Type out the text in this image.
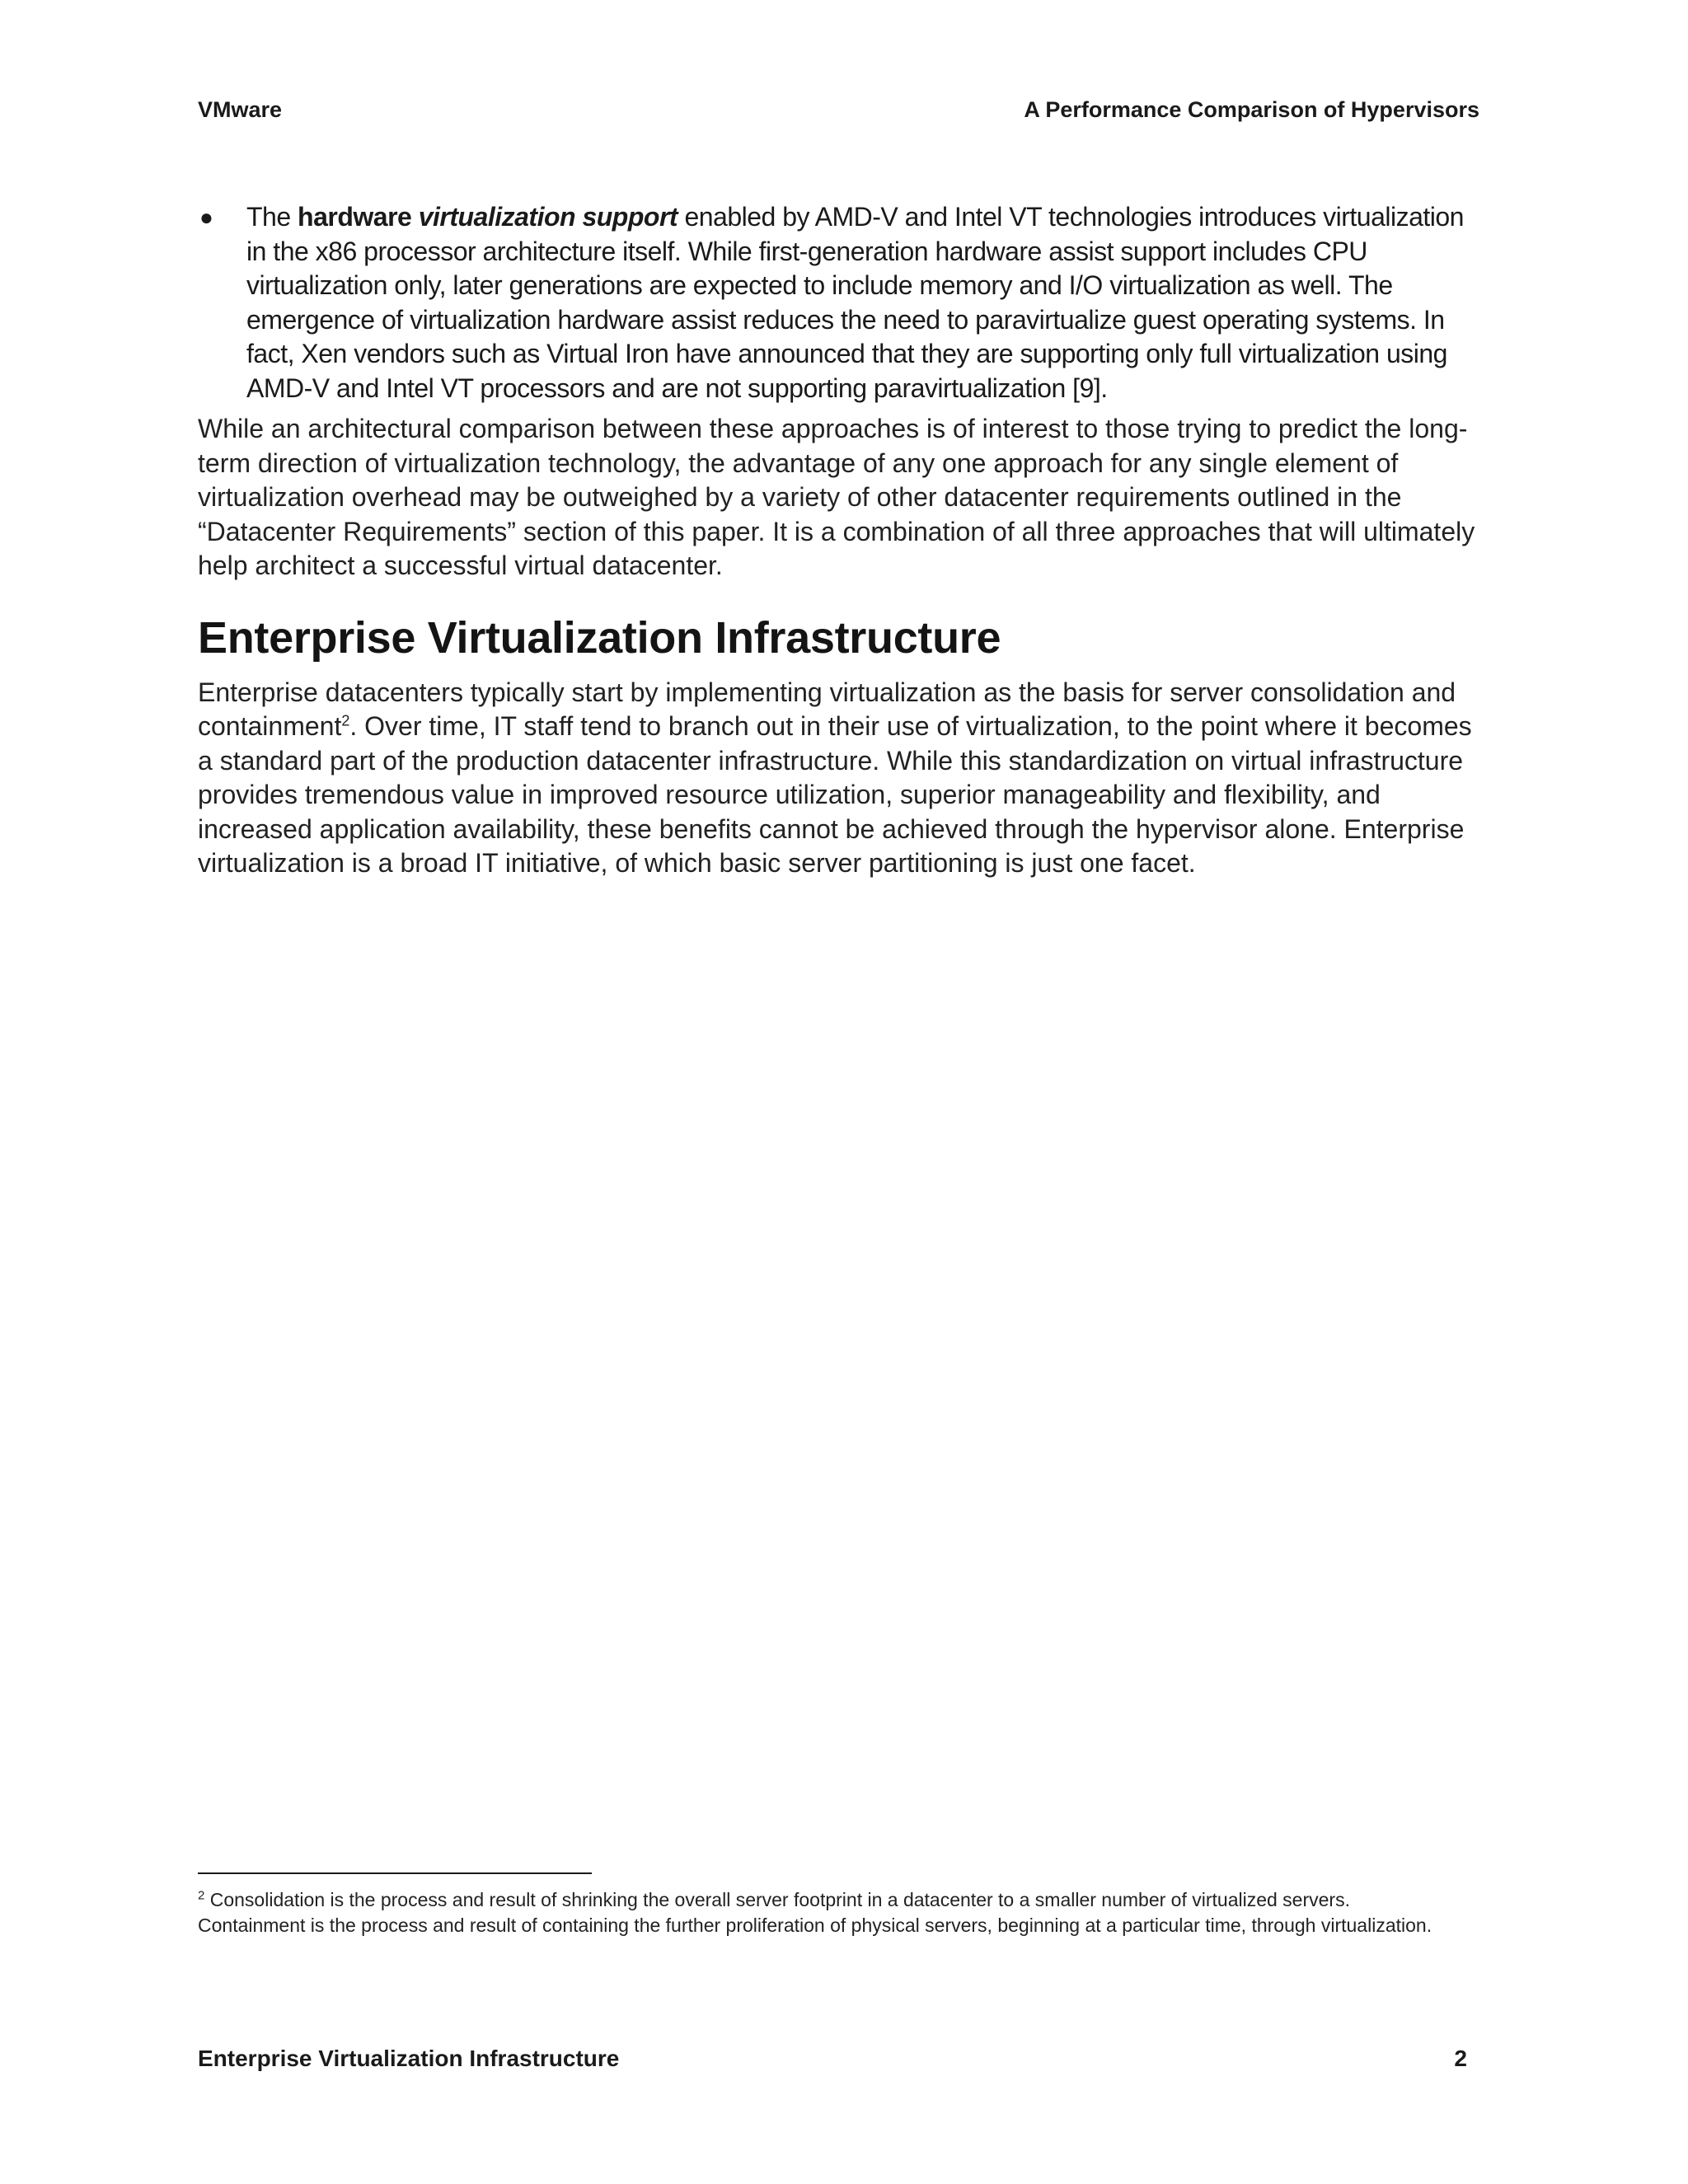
VMware	A Performance Comparison of Hypervisors
● The hardware virtualization support enabled by AMD-V and Intel VT technologies introduces virtualization in the x86 processor architecture itself. While first-generation hardware assist support includes CPU virtualization only, later generations are expected to include memory and I/O virtualization as well. The emergence of virtualization hardware assist reduces the need to paravirtualize guest operating systems. In fact, Xen vendors such as Virtual Iron have announced that they are supporting only full virtualization using AMD-V and Intel VT processors and are not supporting paravirtualization [9].

While an architectural comparison between these approaches is of interest to those trying to predict the long-term direction of virtualization technology, the advantage of any one approach for any single element of virtualization overhead may be outweighed by a variety of other datacenter requirements outlined in the “Datacenter Requirements” section of this paper. It is a combination of all three approaches that will ultimately help architect a successful virtual datacenter.

Enterprise Virtualization Infrastructure

Enterprise datacenters typically start by implementing virtualization as the basis for server consolidation and containment$^2$. Over time, IT staff tend to branch out in their use of virtualization, to the point where it becomes a standard part of the production datacenter infrastructure. While this standardization on virtual infrastructure provides tremendous value in improved resource utilization, superior manageability and flexibility, and increased application availability, these benefits cannot be achieved through the hypervisor alone. Enterprise virtualization is a broad IT initiative, of which basic server partitioning is just one facet.

$^2$ Consolidation is the process and result of shrinking the overall server footprint in a datacenter to a smaller number of virtualized servers. Containment is the process and result of containing the further proliferation of physical servers, beginning at a particular time, through virtualization.
Enterprise Virtualization Infrastructure	2
